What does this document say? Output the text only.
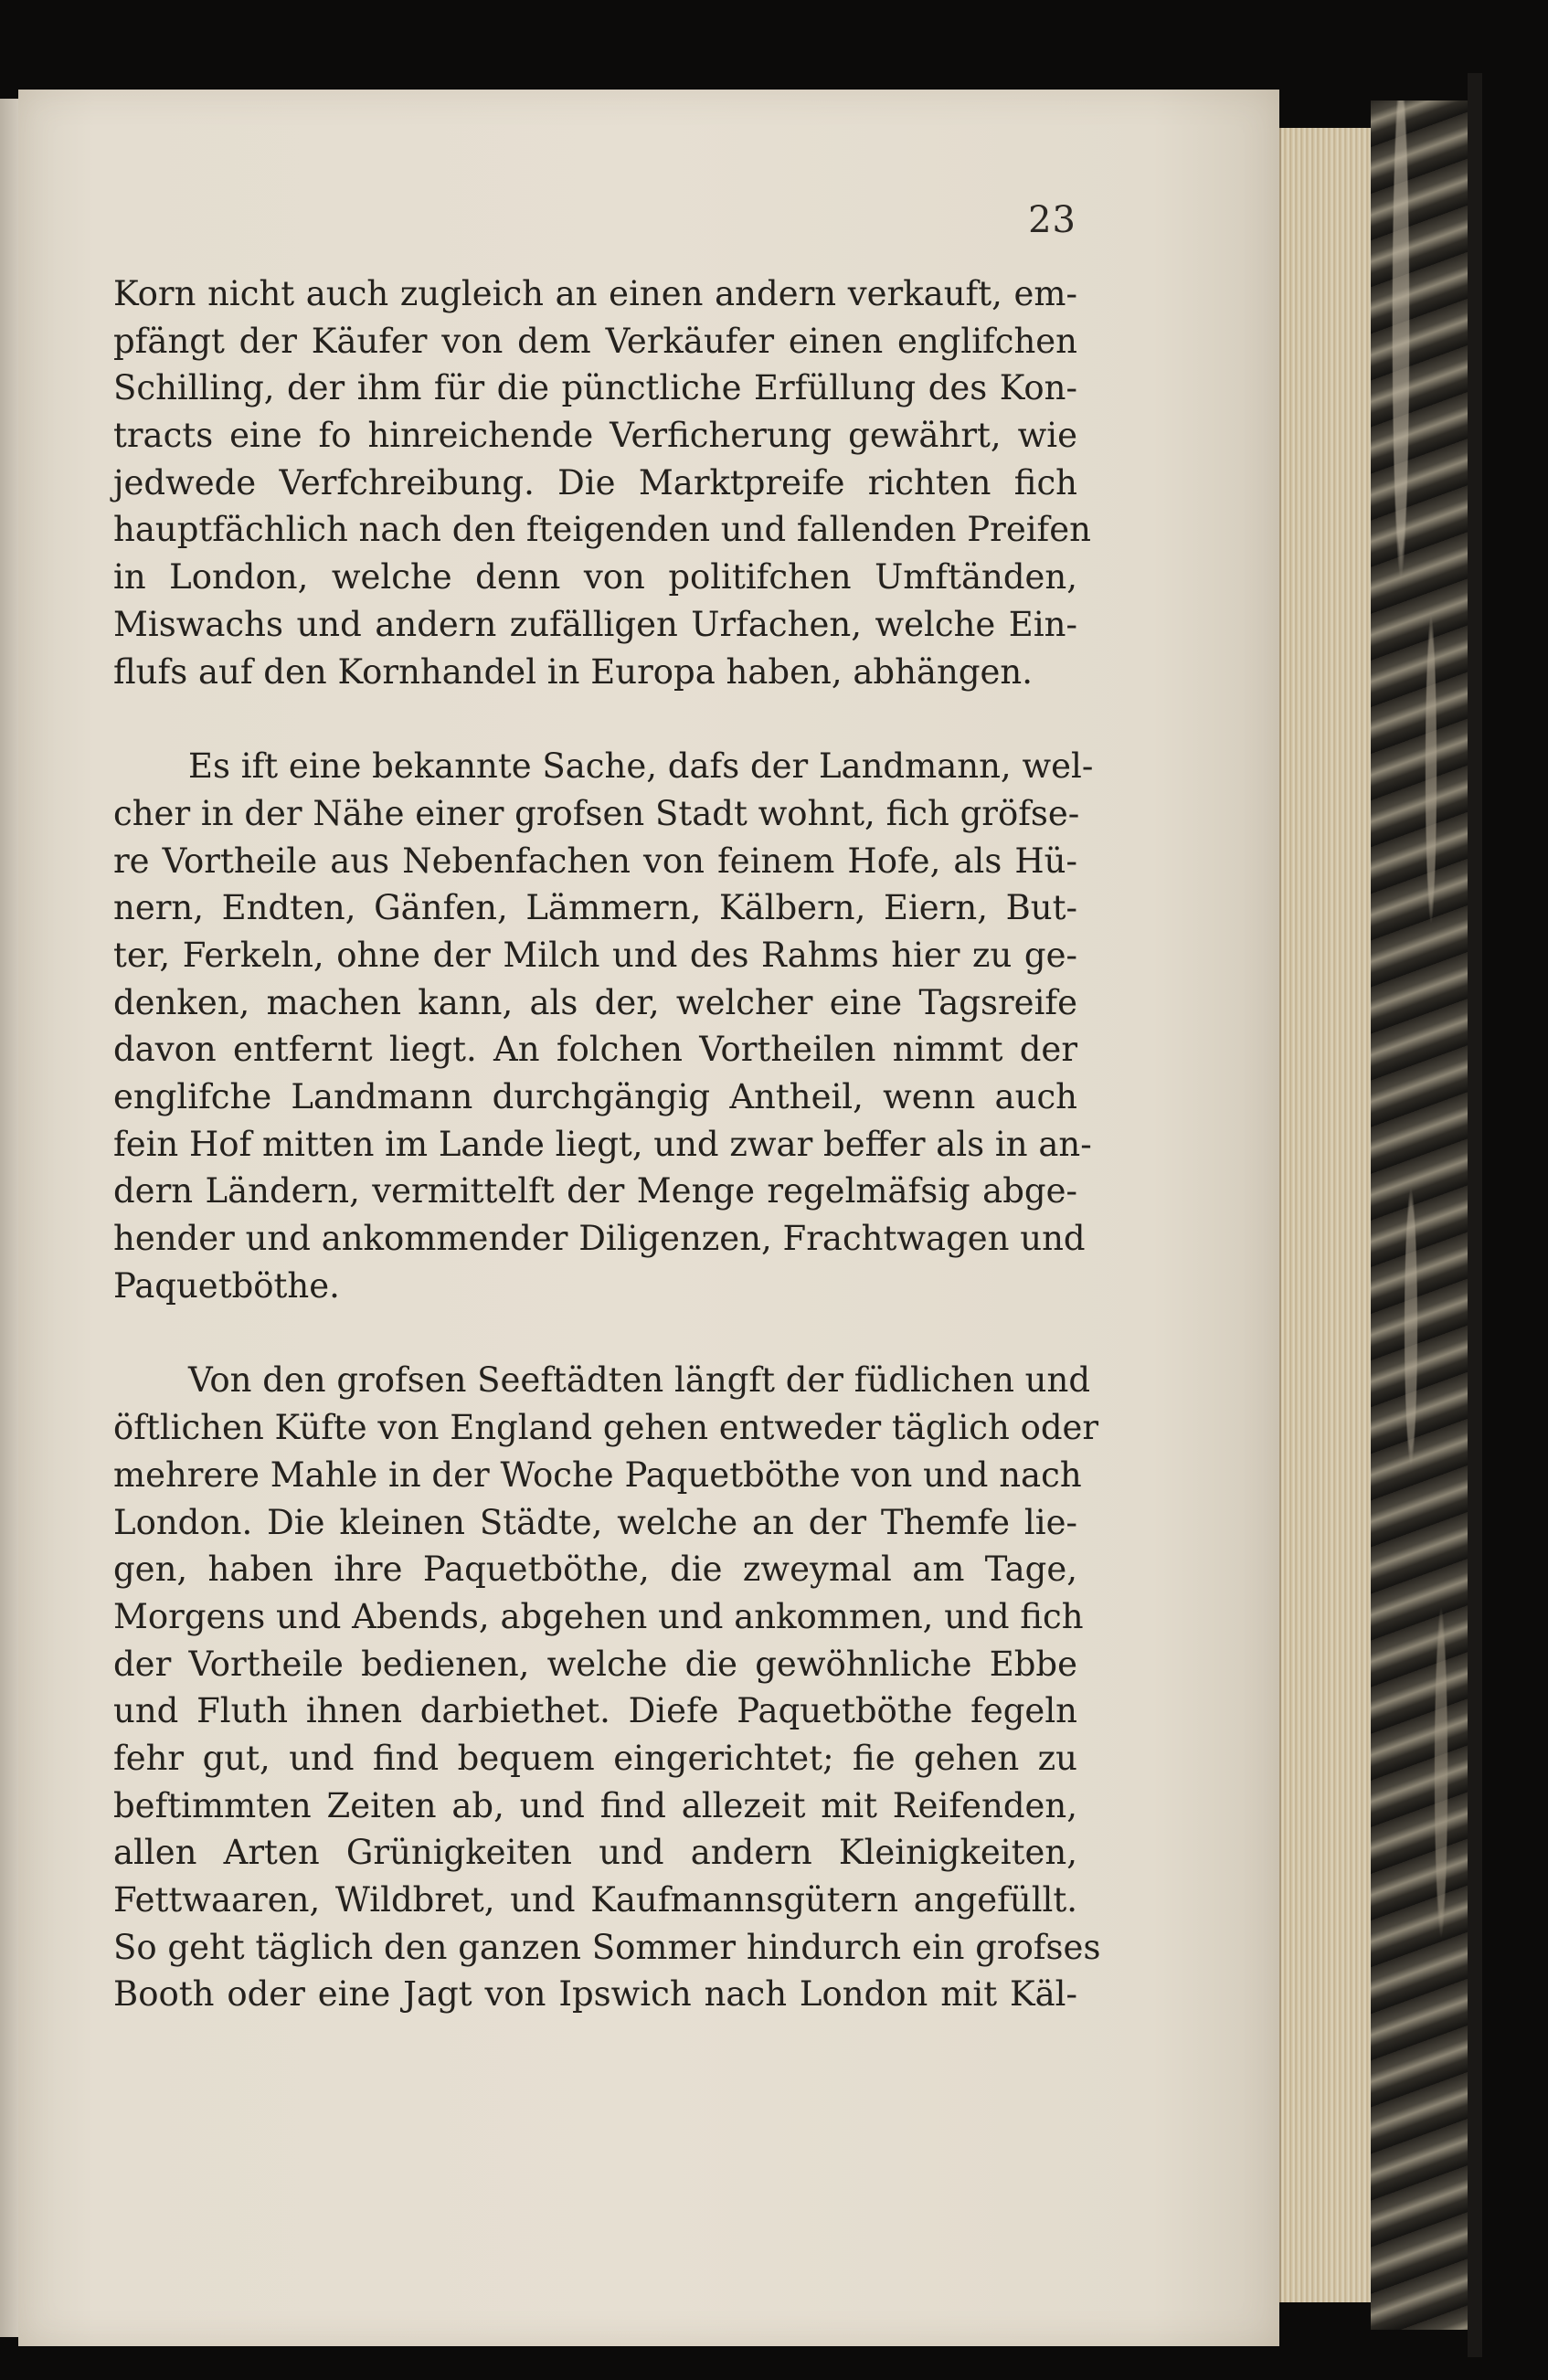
23

Korn nicht auch zugleich an einen andern verkauft, em-
pfängt der Käufer von dem Verkäufer einen englifchen
Schilling, der ihm für die pünctliche Erfüllung des Kon-
tracts eine fo hinreichende Verficherung gewährt, wie
jedwede Verfchreibung. Die Marktpreife richten fich
hauptfächlich nach den fteigenden und fallenden Preifen
in London, welche denn von politifchen Umftänden,
Miswachs und andern zufälligen Urfachen, welche Ein-
flufs auf den Kornhandel in Europa haben, abhängen.

Es ift eine bekannte Sache, dafs der Landmann, wel-
cher in der Nähe einer grofsen Stadt wohnt, fich gröfse-
re Vortheile aus Nebenfachen von feinem Hofe, als Hü-
nern, Endten, Gänfen, Lämmern, Kälbern, Eiern, But-
ter, Ferkeln, ohne der Milch und des Rahms hier zu ge-
denken, machen kann, als der, welcher eine Tagsreife
davon entfernt liegt. An folchen Vortheilen nimmt der
englifche Landmann durchgängig Antheil, wenn auch
fein Hof mitten im Lande liegt, und zwar beffer als in an-
dern Ländern, vermittelft der Menge regelmäfsig abge-
hender und ankommender Diligenzen, Frachtwagen und
Paquetböthe.

Von den grofsen Seeftädten längft der füdlichen und
öftlichen Küfte von England gehen entweder täglich oder
mehrere Mahle in der Woche Paquetböthe von und nach
London. Die kleinen Städte, welche an der Themfe lie-
gen, haben ihre Paquetböthe, die zweymal am Tage,
Morgens und Abends, abgehen und ankommen, und fich
der Vortheile bedienen, welche die gewöhnliche Ebbe
und Fluth ihnen darbiethet. Diefe Paquetböthe fegeln
fehr gut, und find bequem eingerichtet; fie gehen zu
beftimmten Zeiten ab, und find allezeit mit Reifenden,
allen Arten Grünigkeiten und andern Kleinigkeiten,
Fettwaaren, Wildbret, und Kaufmannsgütern angefüllt.
So geht täglich den ganzen Sommer hindurch ein grofses
Booth oder eine Jagt von Ipswich nach London mit Käl-
